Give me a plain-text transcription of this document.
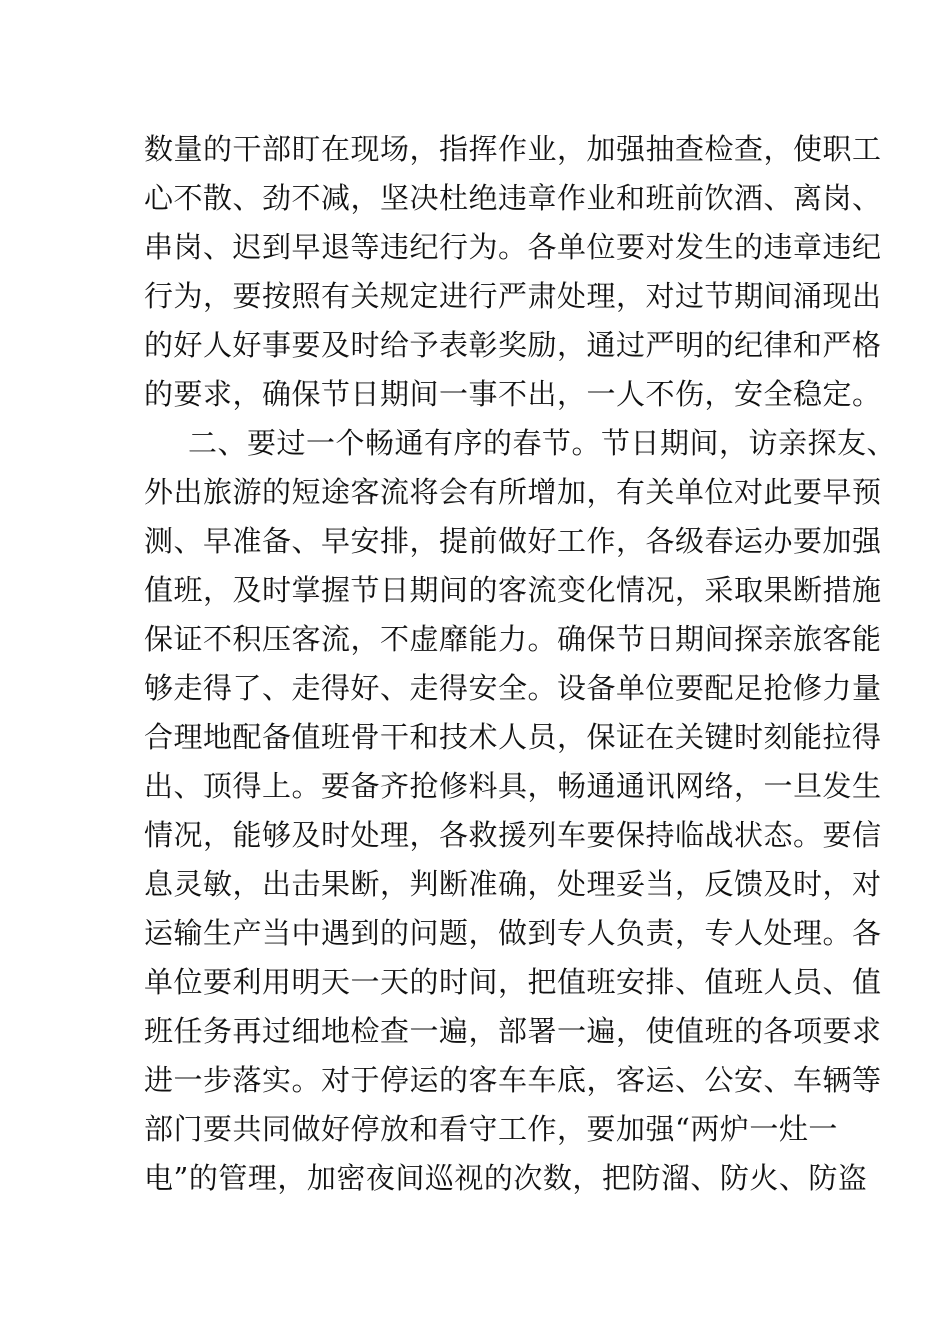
数量的干部盯在现场，指挥作业，加强抽查检查，使职工
心不散、劲不减，坚决杜绝违章作业和班前饮酒、离岗、
串岗、迟到早退等违纪行为。各单位要对发生的违章违纪
行为，要按照有关规定进行严肃处理，对过节期间涌现出
的好人好事要及时给予表彰奖励，通过严明的纪律和严格
的要求，确保节日期间一事不出，一人不伤，安全稳定。
二、要过一个畅通有序的春节。节日期间，访亲探友、
外出旅游的短途客流将会有所增加，有关单位对此要早预
测、早准备、早安排，提前做好工作，各级春运办要加强
值班，及时掌握节日期间的客流变化情况，采取果断措施
保证不积压客流，不虚靡能力。确保节日期间探亲旅客能
够走得了、走得好、走得安全。设备单位要配足抢修力量
合理地配备值班骨干和技术人员，保证在关键时刻能拉得
出、顶得上。要备齐抢修料具，畅通通讯网络，一旦发生
情况，能够及时处理，各救援列车要保持临战状态。要信
息灵敏，出击果断，判断准确，处理妥当，反馈及时，对
运输生产当中遇到的问题，做到专人负责，专人处理。各
单位要利用明天一天的时间，把值班安排、值班人员、值
班任务再过细地检查一遍，部署一遍，使值班的各项要求
进一步落实。对于停运的客车车底，客运、公安、车辆等
部门要共同做好停放和看守工作，要加强“两炉一灶一
电”的管理，加密夜间巡视的次数，把防溜、防火、防盗
